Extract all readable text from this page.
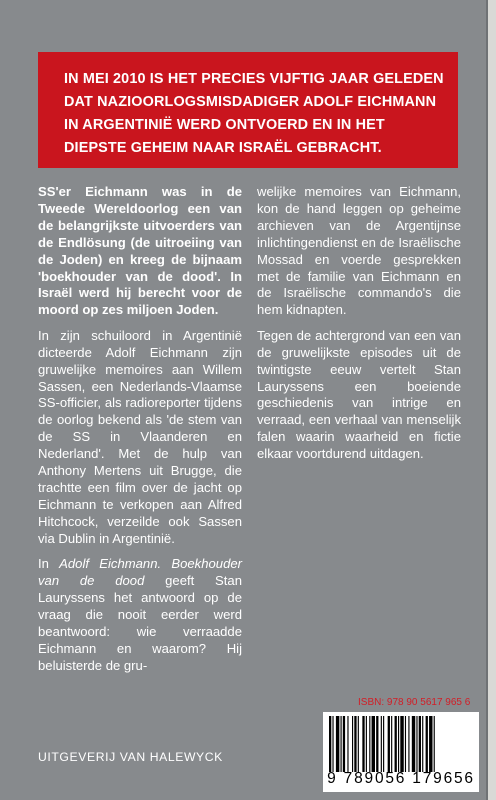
IN MEI 2010 IS HET PRECIES VIJFTIG JAAR GELEDEN DAT NAZIOORLOGSMISDADIGER ADOLF EICHMANN IN ARGENTINIË WERD ONTVOERD EN IN HET DIEPSTE GEHEIM NAAR ISRAËL GEBRACHT.

SS'er Eichmann was in de Tweede Wereldoorlog een van de belangrijkste uitvoerders van de Endlösung (de uitroeiing van de Joden) en kreeg de bijnaam 'boekhouder van de dood'. In Israël werd hij berecht voor de moord op zes miljoen Joden.

In zijn schuiloord in Argentinië dicteerde Adolf Eichmann zijn gruwelijke memoires aan Willem Sassen, een Nederlands-Vlaamse SS-officier, als radioreporter tijdens de oorlog bekend als 'de stem van de SS in Vlaanderen en Nederland'. Met de hulp van Anthony Mertens uit Brugge, die trachtte een film over de jacht op Eichmann te verkopen aan Alfred Hitchcock, verzeilde ook Sassen via Dublin in Argentinië.

In Adolf Eichmann. Boekhouder van de dood geeft Stan Lauryssens het antwoord op de vraag die nooit eerder werd beantwoord: wie verraadde Eichmann en waarom? Hij beluisterde de gru-

welijke memoires van Eichmann, kon de hand leggen op geheime archieven van de Argentijnse inlichtingendienst en de Israëlische Mossad en voerde gesprekken met de familie van Eichmann en de Israëlische commando's die hem kidnapten.

Tegen de achtergrond van een van de gruwelijkste episodes uit de twintigste eeuw vertelt Stan Lauryssens een boeiende geschiedenis van intrige en verraad, een verhaal van menselijk falen waarin waarheid en fictie elkaar voortdurend uitdagen.

ISBN: 978 90 5617 965 6
9 789056 179656
UITGEVERIJ VAN HALEWYCK
